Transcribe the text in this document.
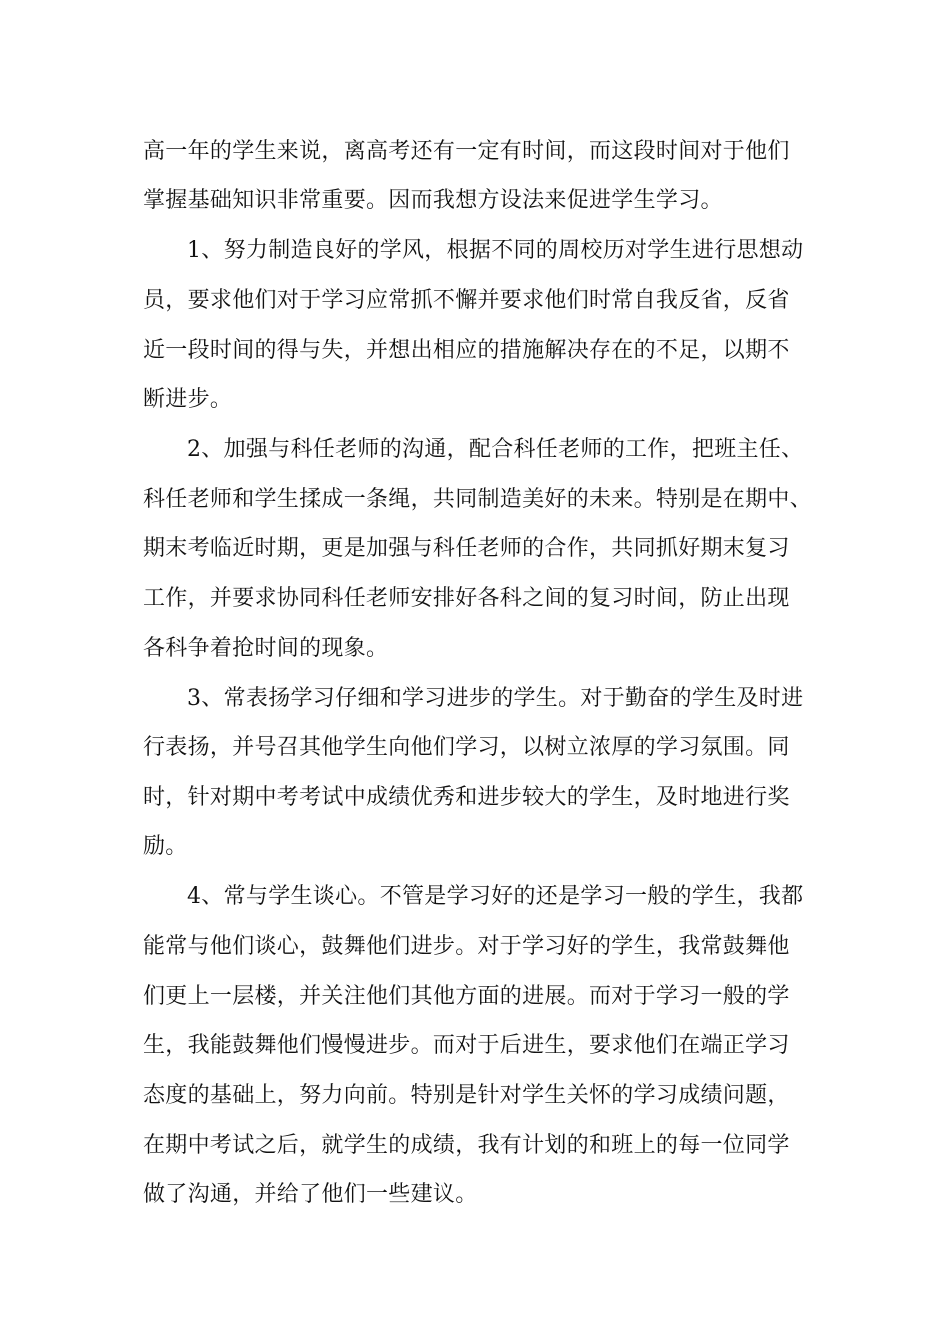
高一年的学生来说，离高考还有一定有时间，而这段时间对于他们
掌握基础知识非常重要。因而我想方设法来促进学生学习。
1、努力制造良好的学风，根据不同的周校历对学生进行思想动
员，要求他们对于学习应常抓不懈并要求他们时常自我反省，反省
近一段时间的得与失，并想出相应的措施解决存在的不足，以期不
断进步。
2、加强与科任老师的沟通，配合科任老师的工作，把班主任、
科任老师和学生揉成一条绳，共同制造美好的未来。特别是在期中、
期末考临近时期，更是加强与科任老师的合作，共同抓好期末复习
工作，并要求协同科任老师安排好各科之间的复习时间，防止出现
各科争着抢时间的现象。
3、常表扬学习仔细和学习进步的学生。对于勤奋的学生及时进
行表扬，并号召其他学生向他们学习，以树立浓厚的学习氛围。同
时，针对期中考考试中成绩优秀和进步较大的学生，及时地进行奖
励。
4、常与学生谈心。不管是学习好的还是学习一般的学生，我都
能常与他们谈心，鼓舞他们进步。对于学习好的学生，我常鼓舞他
们更上一层楼，并关注他们其他方面的进展。而对于学习一般的学
生，我能鼓舞他们慢慢进步。而对于后进生，要求他们在端正学习
态度的基础上，努力向前。特别是针对学生关怀的学习成绩问题，
在期中考试之后，就学生的成绩，我有计划的和班上的每一位同学
做了沟通，并给了他们一些建议。
